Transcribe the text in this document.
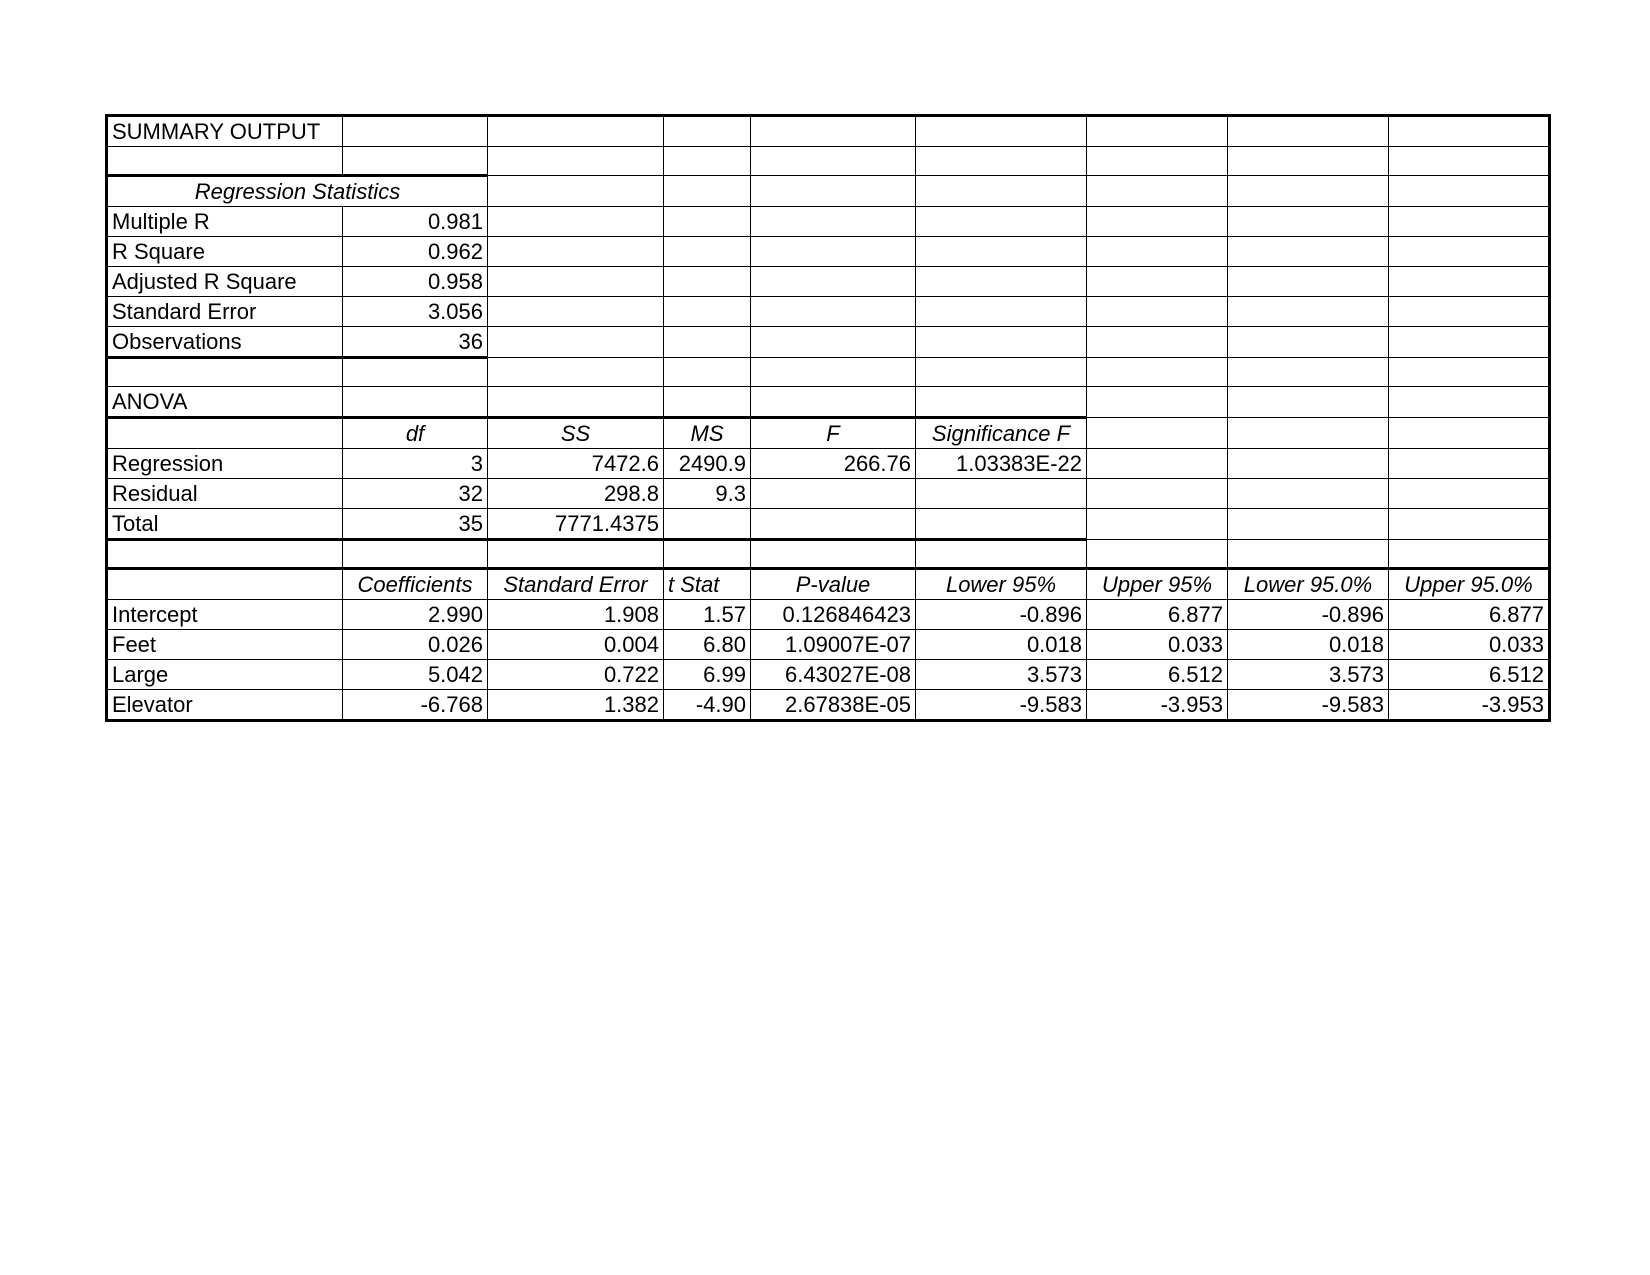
SUMMARY OUTPUT								

Regression Statistics								
Multiple R	0.981							
R Square	0.962							
Adjusted R Square	0.958							
Standard Error	3.056							
Observations	36							

ANOVA								
	df	SS	MS	F	Significance F			
Regression	3	7472.6	2490.9	266.76	1.03383E-22			
Residual	32	298.8	9.3					
Total	35	7771.4375						

	Coefficients	Standard Error	t Stat	P-value	Lower 95%	Upper 95%	Lower 95.0%	Upper 95.0%
Intercept	2.990	1.908	1.57	0.126846423	-0.896	6.877	-0.896	6.877
Feet	0.026	0.004	6.80	1.09007E-07	0.018	0.033	0.018	0.033
Large	5.042	0.722	6.99	6.43027E-08	3.573	6.512	3.573	6.512
Elevator	-6.768	1.382	-4.90	2.67838E-05	-9.583	-3.953	-9.583	-3.953
